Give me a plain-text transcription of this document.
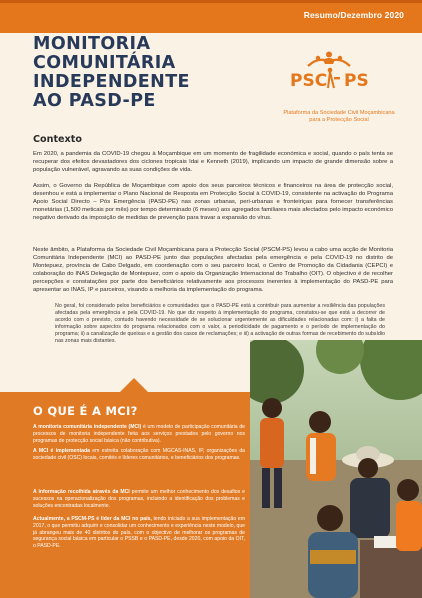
Resumo/Dezembro 2020
MONITORIA
COMUNITÁRIA
INDEPENDENTE
AO PASD-PE
PSC PS
Plataforma da Sociedade Civil Moçambicana para a Protecção Social
Contexto

Em 2020, a pandemia da COVID-19 chegou à Moçambique em um momento de fragilidade económica e social, quando o país tenta se recuperar dos efeitos devastadores dos ciclones tropicais Idai e Kenneth (2019), implicando um impacto de grande dimensão sobre a população vulnerável, agravando as suas condições de vida.

Assim, o Governo da República de Moçambique com apoio dos seus parceiros técnicos e financeiros na área de protecção social, desenhou e está a implementar o Plano Nacional de Resposta em Protecção Social à COVID-19, consistente na activação do Programa Apoio Social Directo – Pós Emergência (PASD-PE) nas zonas urbanas, peri-urbanas e fronteiriças para fornecer transferências monetárias (1,500 meticais por mês) por tempo determinado (6 meses) aos agregados familiares mais afectados pelo impacto económico negativo derivado da imposição de medidas de prevenção para travar a expansão do vírus.

Neste âmbito, a Plataforma da Sociedade Civil Moçambicana para a Protecção Social (PSCM-PS) levou a cabo uma acção de Monitoria Comunitária Independente (MCI) ao PASD-PE junto das populações afectadas pela emergência e pela COVID-19 no distrito de Montepuez, província de Cabo Delgado, em coordenação com o seu parceiro local, o Centro de Promoção da Cidadania (CEPCI) e colaboração do INAS Delegação de Montepuez, com o apoio da Organização Internacional do Trabalho (OIT). O objectivo é de recolher percepções e constatações por parte dos beneficiários relativamente aos processos inerentes à implementação do PASD-PE para apresentar ao INAS, IP e parceiros, visando a melhoria da implementação do programa.

No geral, foi considerado pelos beneficiários e comunidades que o PASD-PE está a contribuir para aumentar a resiliência das populações afectadas pela emergência e pela COVID-19. No que diz respeito à implementação do programa, constatou-se que está a decorrer de acordo com o previsto, contudo havendo necessidade de se solucionar urgentemente as dificuldades relacionadas com: i) a falta de informação sobre aspectos do programa relacionados com o valor, a periodicidade de pagamento e o período de implementação do programa; ii) a canalização de queixas e a gestão dos casos de reclamações; e iii) a activação de outras formas de recebimento do subsídio nas zonas mais distantes.

O QUE É A MCI?

A monitoria comunitária independente (MCI) é um modelo de participação comunitária de processos de monitoria independente feita aos serviços prestados pelo governo nos programas de protecção social básica (não contributiva).

A MCI é implementada em estreita colaboração com MGCAS-INAS, IP, organizações da sociedade civil (OSC) locais, comités e líderes comunitários, e beneficiários dos programas.

A informação recolhida através da MCI permite um melhor conhecimento dos desafios e sucessos na operacionalização dos programas, incluindo a identificação dos problemas e soluções encontradas localmente.

Actualmente, a PSCM-PS é líder da MCI no país, tendo iniciado a sua implementação em 2017, o que permitiu adquirir e consolidar um conhecimento e experiência neste modelo, que já abrangeu mais de 40 distritos do país, com o objectivo de melhorar os programas de segurança social básica em particular o PSSB e o PASD-PE, desde 2020, com apoio da OIT, o PASD-PE.
